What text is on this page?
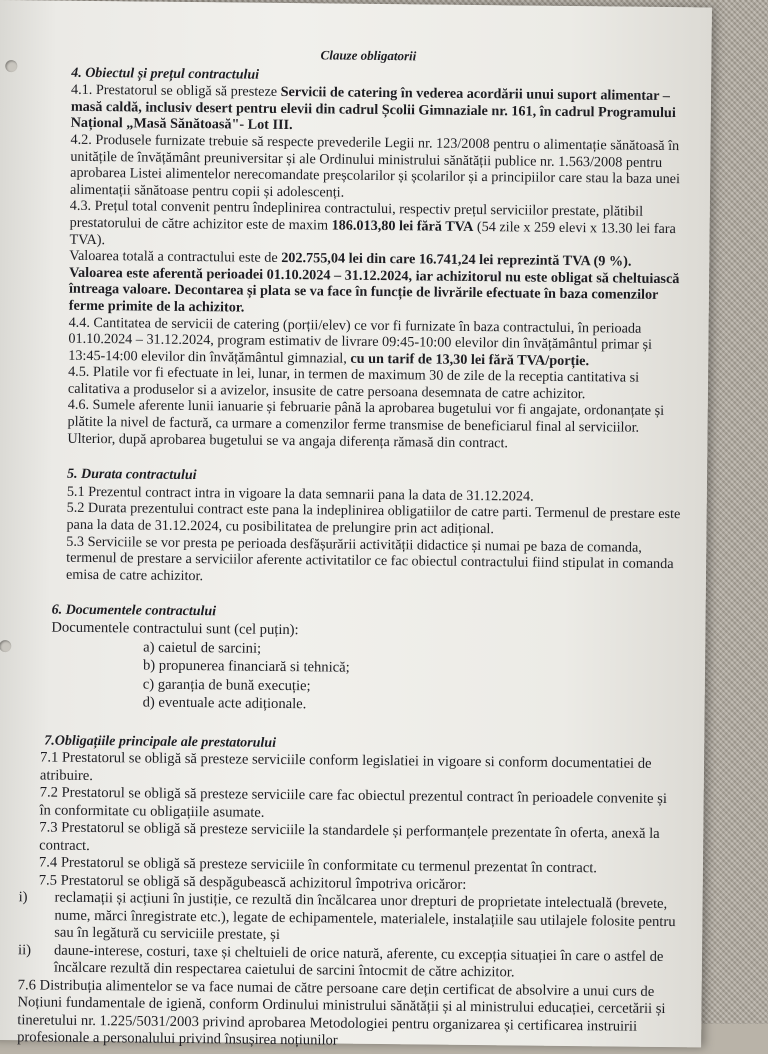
Clauze obligatorii
4. Obiectul și prețul contractului
4.1. Prestatorul se obligă să presteze Servicii de catering în vederea acordării unui suport alimentar – masă caldă, inclusiv desert pentru elevii din cadrul Școlii Gimnaziale nr. 161, în cadrul Programului Național „Masă Sănătoasă"- Lot III.
4.2. Produsele furnizate trebuie să respecte prevederile Legii nr. 123/2008 pentru o alimentație sănătoasă în unitățile de învățământ preuniversitar și ale Ordinului ministrului sănătății publice nr. 1.563/2008 pentru aprobarea Listei alimentelor nerecomandate preșcolarilor și școlarilor și a principiilor care stau la baza unei alimentații sănătoase pentru copii și adolescenți.
4.3. Prețul total convenit pentru îndeplinirea contractului, respectiv prețul serviciilor prestate, plătibil prestatorului de către achizitor este de maxim 186.013,80 lei fără TVA (54 zile x 259 elevi x 13.30 lei fara TVA).
Valoarea totală a contractului este de 202.755,04 lei din care 16.741,24 lei reprezintă TVA (9 %). Valoarea este aferentă perioadei 01.10.2024 – 31.12.2024, iar achizitorul nu este obligat să cheltuiască întreaga valoare. Decontarea și plata se va face în funcție de livrările efectuate în baza comenzilor ferme primite de la achizitor.
4.4. Cantitatea de servicii de catering (porții/elev) ce vor fi furnizate în baza contractului, în perioada 01.10.2024 – 31.12.2024, program estimativ de livrare 09:45-10:00 elevilor din învățământul primar și 13:45-14:00 elevilor din învățământul gimnazial, cu un tarif de 13,30 lei fără TVA/porție.
4.5. Platile vor fi efectuate in lei, lunar, in termen de maximum 30 de zile de la receptia cantitativa si calitativa a produselor si a avizelor, insusite de catre persoana desemnata de catre achizitor.
4.6. Sumele aferente lunii ianuarie și februarie până la aprobarea bugetului vor fi angajate, ordonanțate și plătite la nivel de factură, ca urmare a comenzilor ferme transmise de beneficiarul final al serviciilor. Ulterior, după aprobarea bugetului se va angaja diferența rămasă din contract.
5. Durata contractului
5.1 Prezentul contract intra in vigoare la data semnarii pana la data de 31.12.2024.
5.2 Durata prezentului contract este pana la indeplinirea obligatiilor de catre parti. Termenul de prestare este pana la data de 31.12.2024, cu posibilitatea de prelungire prin act adițional.
5.3 Serviciile se vor presta pe perioada desfășurării activității didactice și numai pe baza de comanda, termenul de prestare a serviciilor aferente activitatilor ce fac obiectul contractului fiind stipulat in comanda emisa de catre achizitor.
6. Documentele contractului
Documentele contractului sunt (cel puțin):
a) caietul de sarcini;
b) propunerea financiară si tehnică;
c) garanția de bună execuție;
d) eventuale acte adiționale.
7.Obligațiile principale ale prestatorului
7.1 Prestatorul se obligă să presteze serviciile conform legislatiei in vigoare si conform documentatiei de atribuire.
7.2 Prestatorul se obligă să presteze serviciile care fac obiectul prezentul contract în perioadele convenite și în conformitate cu obligațiile asumate.
7.3 Prestatorul se obligă să presteze serviciile la standardele și performanțele prezentate în oferta, anexă la contract.
7.4 Prestatorul se obligă să presteze serviciile în conformitate cu termenul prezentat în contract.
7.5 Prestatorul se obligă să despăgubească achizitorul împotriva oricăror:
i)	reclamații și acțiuni în justiție, ce rezultă din încălcarea unor drepturi de proprietate intelectuală (brevete, nume, mărci înregistrate etc.), legate de echipamentele, materialele, instalațiile sau utilajele folosite pentru sau în legătură cu serviciile prestate, și
ii)	daune-interese, costuri, taxe și cheltuieli de orice natură, aferente, cu excepția situației în care o astfel de încălcare rezultă din respectarea caietului de sarcini întocmit de către achizitor.
7.6 Distribuția alimentelor se va face numai de către persoane care dețin certificat de absolvire a unui curs de Noțiuni fundamentale de igienă, conform Ordinului ministrului sănătății și al ministrului educației, cercetării și tineretului nr. 1.225/5031/2003 privind aprobarea Metodologiei pentru organizarea și certificarea instruirii profesionale a personalului privind însușirea noțiunilor
